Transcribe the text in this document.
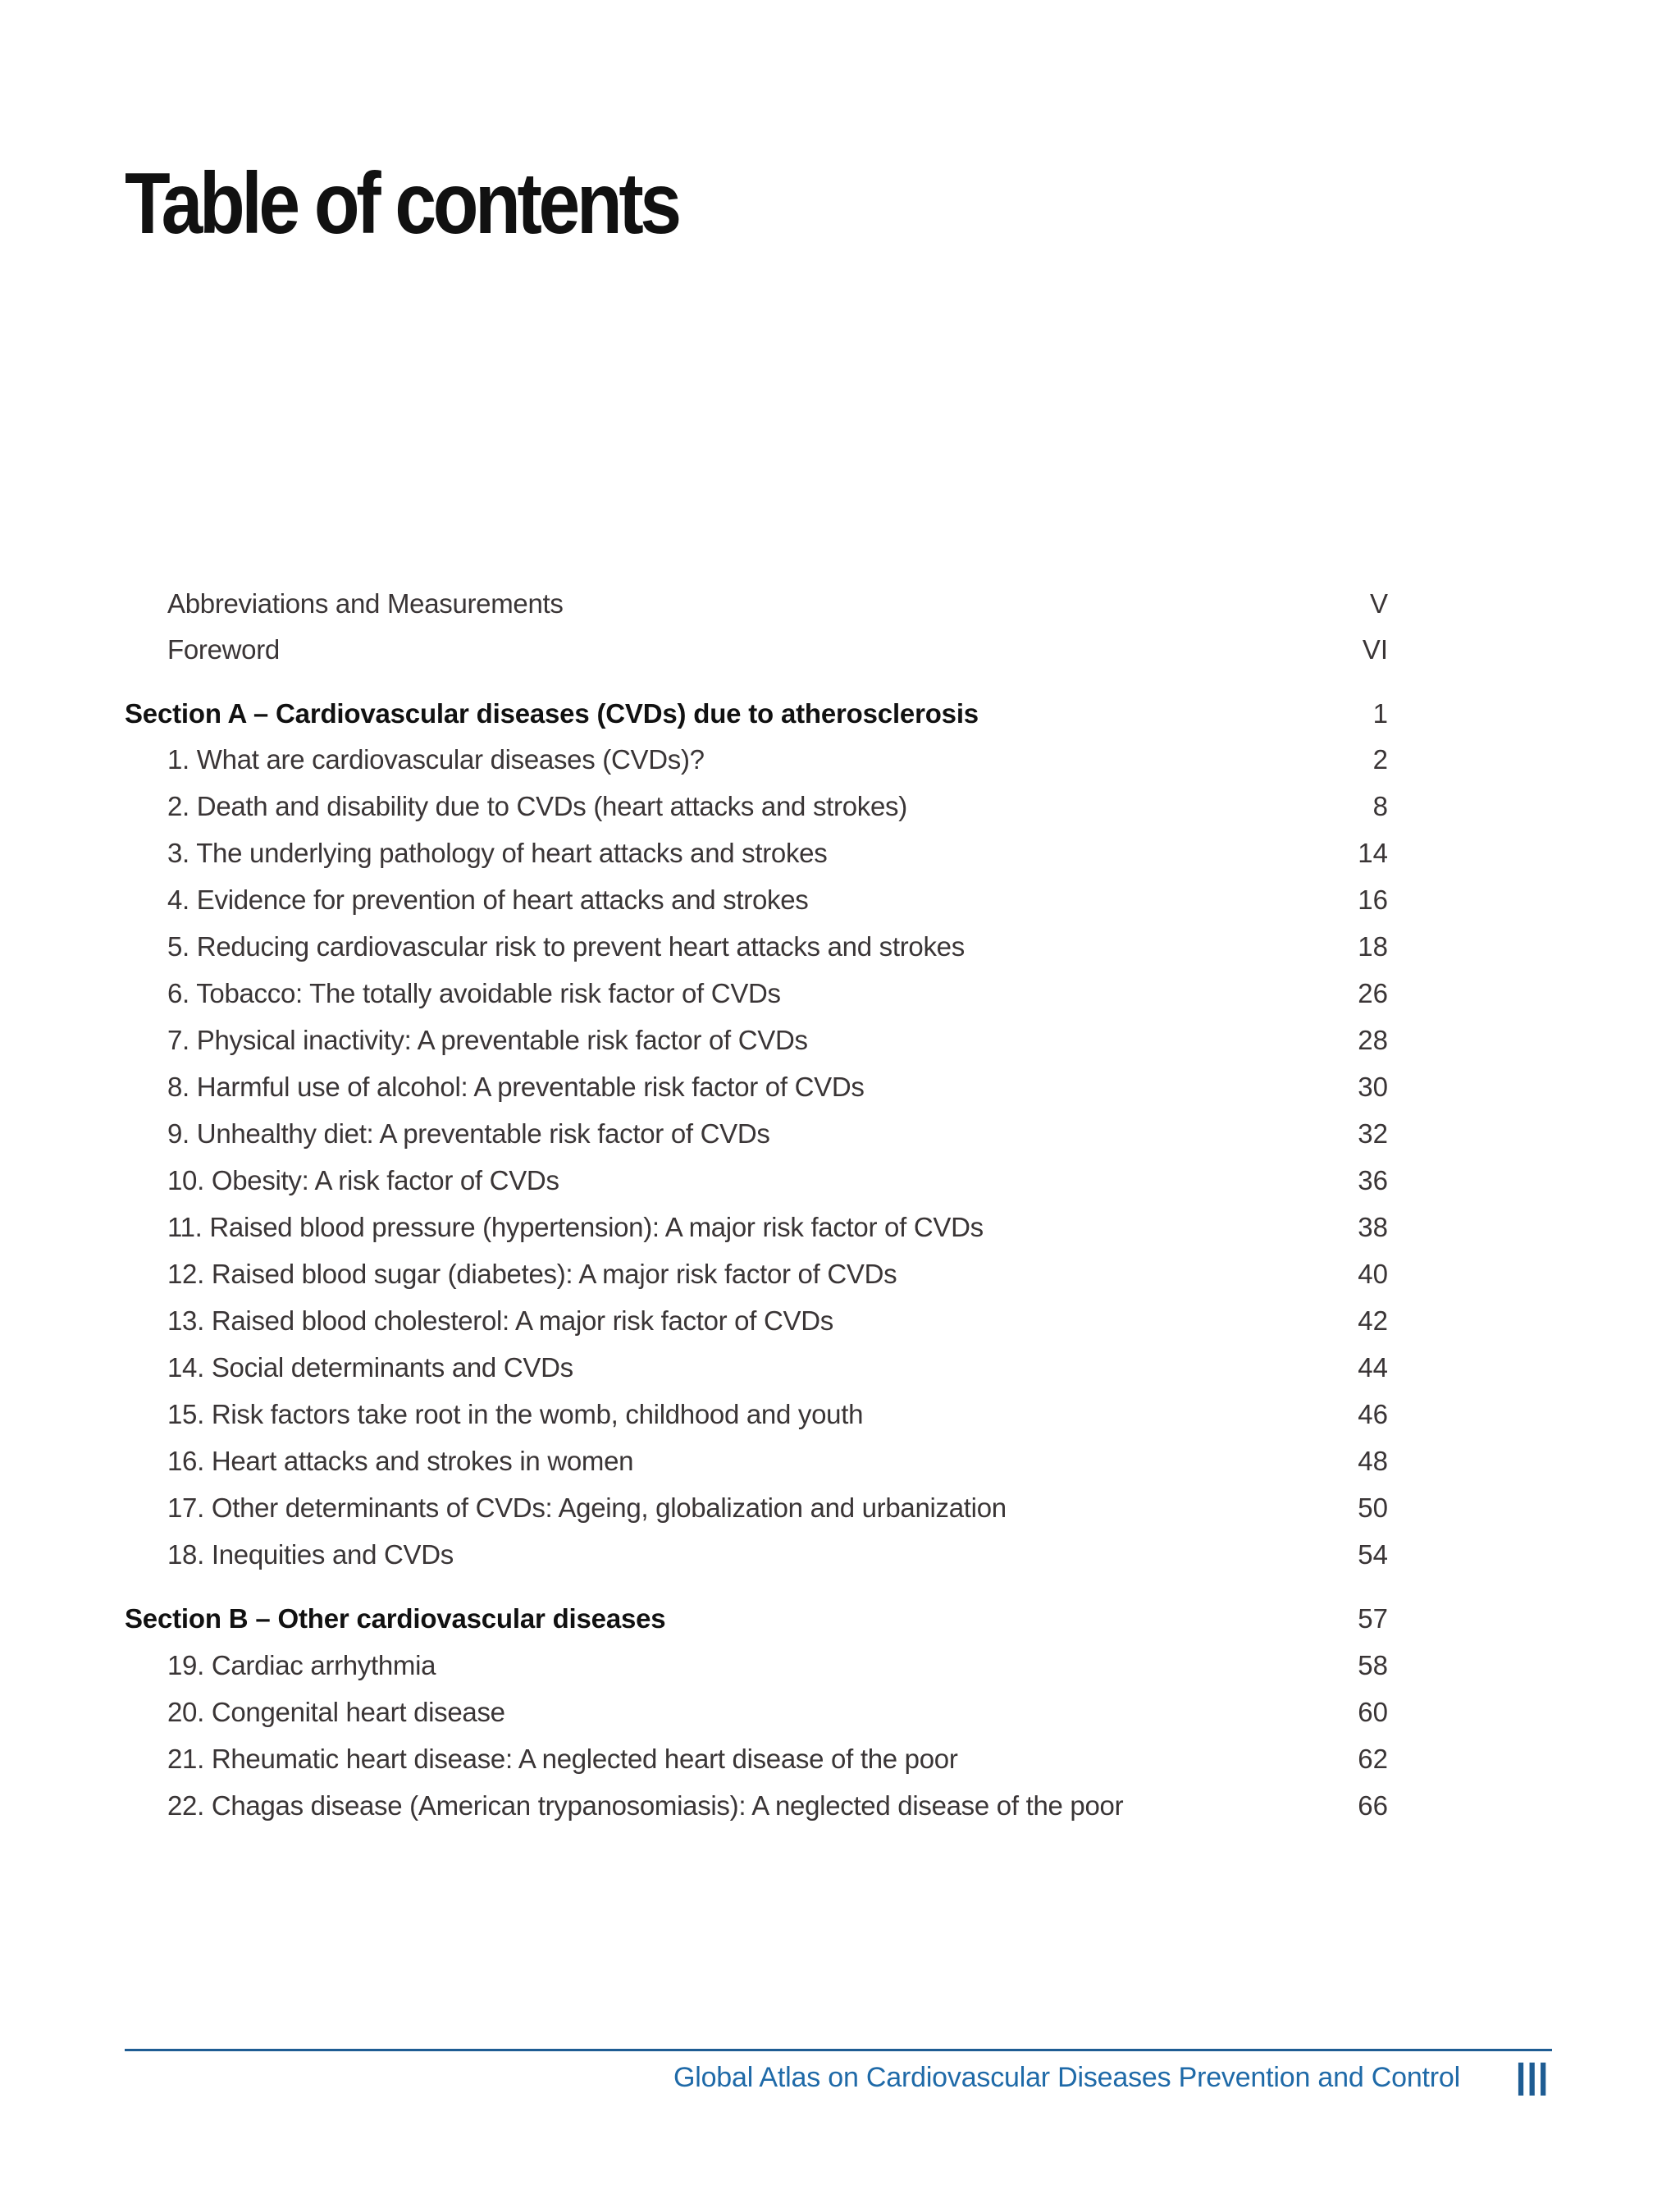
Table of contents
Abbreviations and Measurements	V
Foreword	VI
Section A – Cardiovascular diseases (CVDs) due to atherosclerosis	1
1. What are cardiovascular diseases (CVDs)?	2
2. Death and disability due to CVDs (heart attacks and strokes)	8
3. The underlying pathology of heart attacks and strokes	14
4. Evidence for prevention of heart attacks and strokes	16
5. Reducing cardiovascular risk to prevent heart attacks and strokes	18
6. Tobacco: The totally avoidable risk factor of CVDs	26
7. Physical inactivity: A preventable risk factor of CVDs	28
8. Harmful use of alcohol: A preventable risk factor of CVDs	30
9. Unhealthy diet: A preventable risk factor of CVDs	32
10. Obesity: A risk factor of CVDs	36
11. Raised blood pressure (hypertension): A major risk factor of CVDs	38
12. Raised blood sugar (diabetes): A major risk factor of CVDs	40
13. Raised blood cholesterol: A major risk factor of CVDs	42
14. Social determinants and CVDs	44
15. Risk factors take root in the womb, childhood and youth	46
16. Heart attacks and strokes in women	48
17. Other determinants of CVDs: Ageing, globalization and urbanization	50
18. Inequities and CVDs	54
Section B – Other cardiovascular diseases	57
19. Cardiac arrhythmia	58
20. Congenital heart disease	60
21. Rheumatic heart disease: A neglected heart disease of the poor	62
22. Chagas disease (American trypanosomiasis): A neglected disease of the poor	66
Global Atlas on Cardiovascular Diseases Prevention and Control III
